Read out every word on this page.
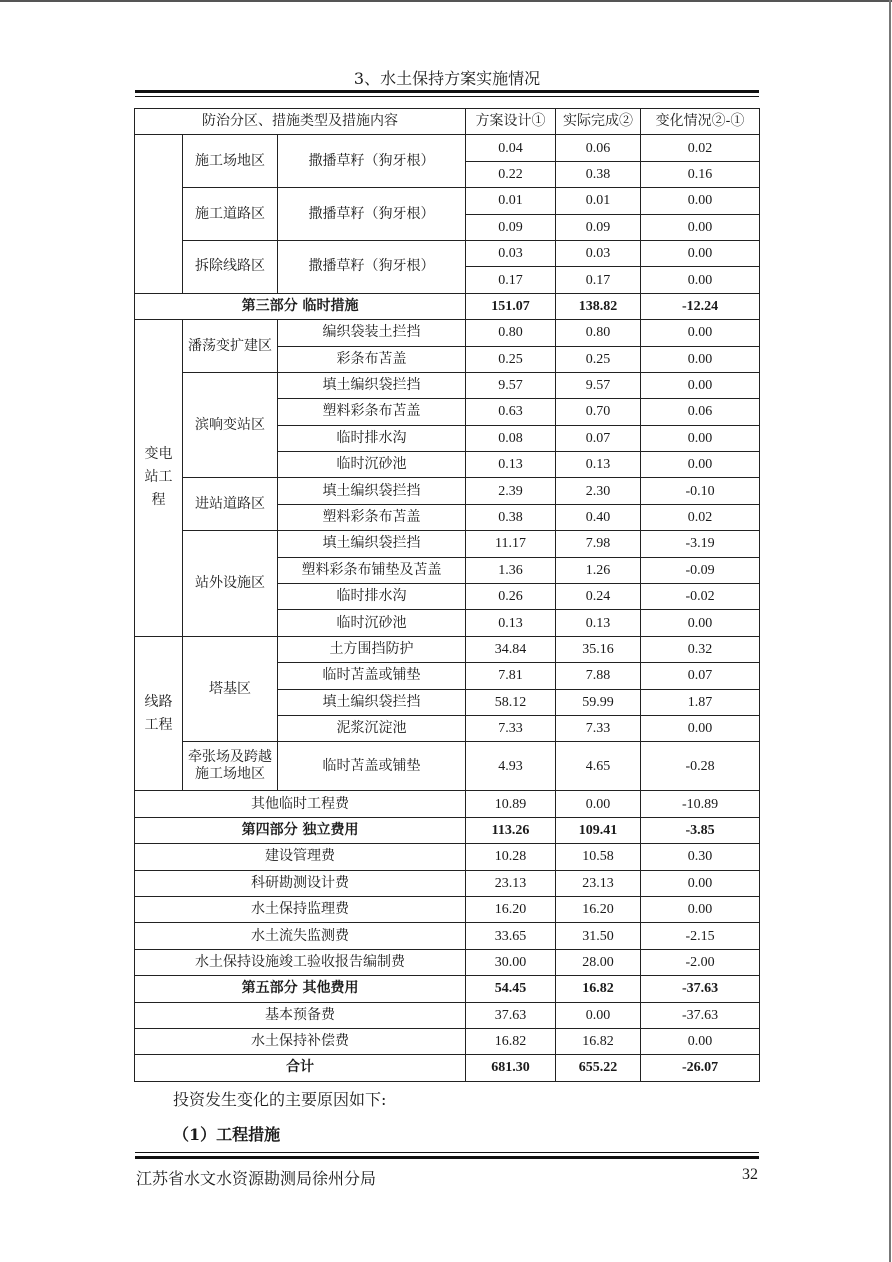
3、水土保持方案实施情况
防治分区、措施类型及措施内容			方案设计①	实际完成②	变化情况②-①
	施工场地区	撒播草籽（狗牙根）	0.04	0.06	0.02
			0.22	0.38	0.16
	施工道路区	撒播草籽（狗牙根）	0.01	0.01	0.00
			0.09	0.09	0.00
	拆除线路区	撒播草籽（狗牙根）	0.03	0.03	0.00
			0.17	0.17	0.00
第三部分 临时措施			151.07	138.82	-12.24
变电站工程	潘荡变扩建区	编织袋装土拦挡	0.80	0.80	0.00
		彩条布苫盖	0.25	0.25	0.00
	滨响变站区	填土编织袋拦挡	9.57	9.57	0.00
		塑料彩条布苫盖	0.63	0.70	0.06
		临时排水沟	0.08	0.07	0.00
		临时沉砂池	0.13	0.13	0.00
	进站道路区	填土编织袋拦挡	2.39	2.30	-0.10
		塑料彩条布苫盖	0.38	0.40	0.02
	站外设施区	填土编织袋拦挡	11.17	7.98	-3.19
		塑料彩条布铺垫及苫盖	1.36	1.26	-0.09
		临时排水沟	0.26	0.24	-0.02
		临时沉砂池	0.13	0.13	0.00
线路工程	塔基区	土方围挡防护	34.84	35.16	0.32
		临时苫盖或铺垫	7.81	7.88	0.07
		填土编织袋拦挡	58.12	59.99	1.87
		泥浆沉淀池	7.33	7.33	0.00
	牵张场及跨越施工场地区	临时苫盖或铺垫	4.93	4.65	-0.28
其他临时工程费			10.89	0.00	-10.89
第四部分 独立费用			113.26	109.41	-3.85
建设管理费			10.28	10.58	0.30
科研勘测设计费			23.13	23.13	0.00
水土保持监理费			16.20	16.20	0.00
水土流失监测费			33.65	31.50	-2.15
水土保持设施竣工验收报告编制费			30.00	28.00	-2.00
第五部分 其他费用			54.45	16.82	-37.63
基本预备费			37.63	0.00	-37.63
水土保持补偿费			16.82	16.82	0.00
合计			681.30	655.22	-26.07
投资发生变化的主要原因如下:
（1）工程措施
江苏省水文水资源勘测局徐州分局	32
